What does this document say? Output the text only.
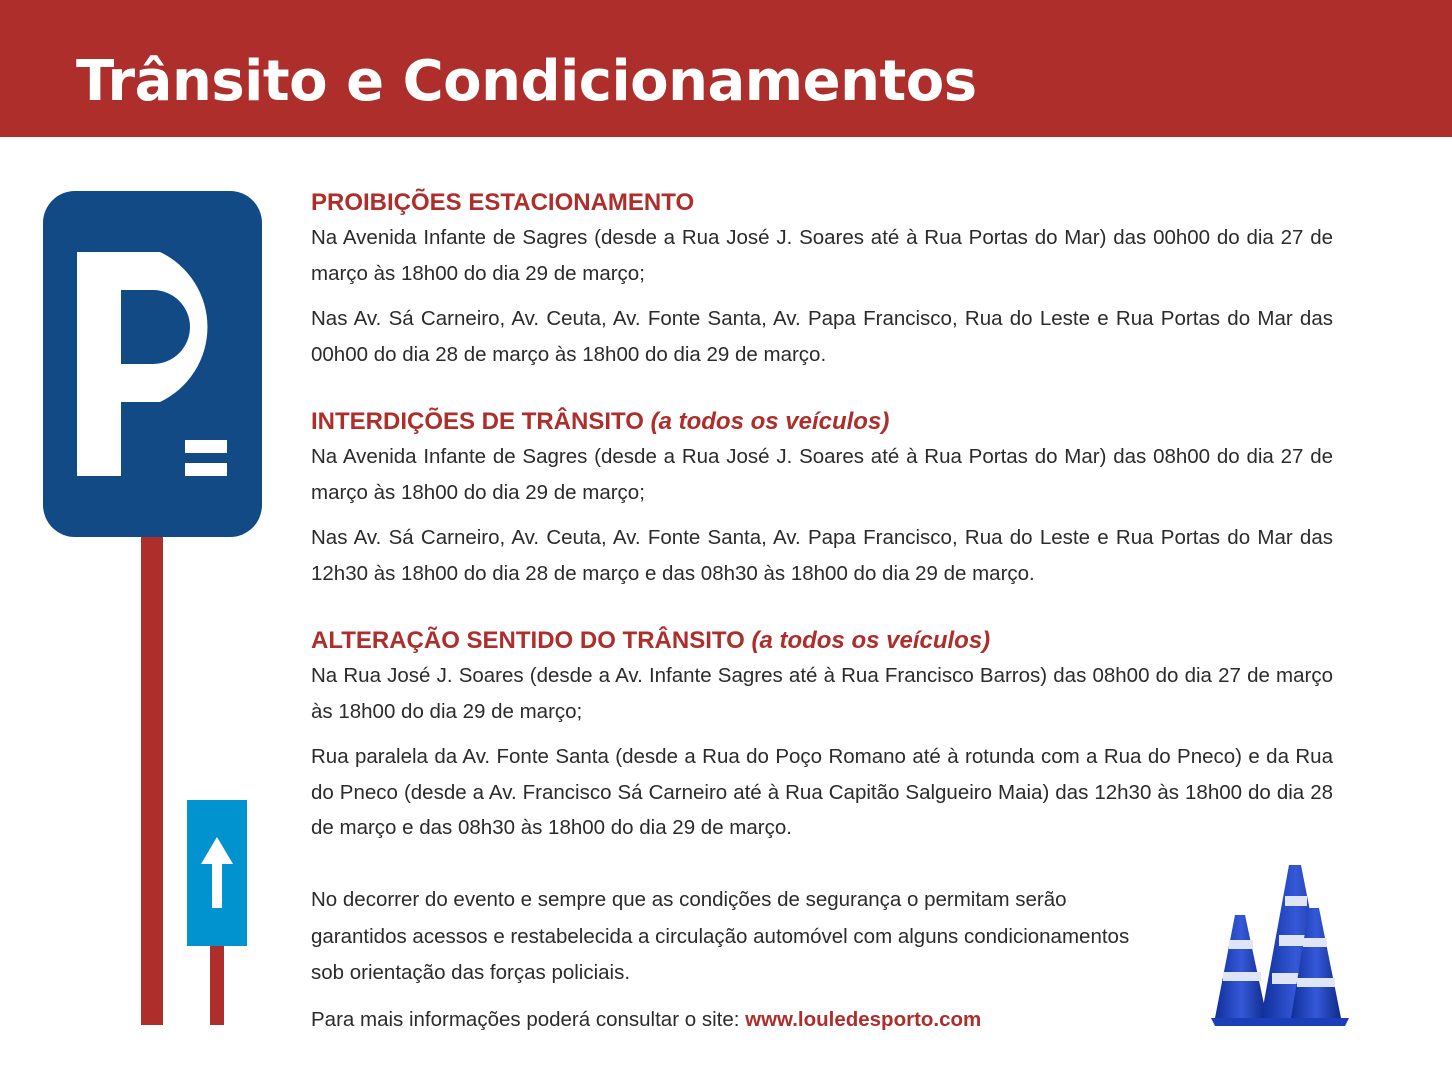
Trânsito e Condicionamentos

PROIBIÇÕES ESTACIONAMENTO

Na Avenida Infante de Sagres (desde a Rua José J. Soares até à Rua Portas do Mar) das 00h00 do dia 27 de março às 18h00 do dia 29 de março;

Nas Av. Sá Carneiro, Av. Ceuta, Av. Fonte Santa, Av. Papa Francisco, Rua do Leste e Rua Portas do Mar das 00h00 do dia 28 de março às 18h00 do dia 29 de março.

INTERDIÇÕES DE TRÂNSITO (a todos os veículos)

Na Avenida Infante de Sagres (desde a Rua José J. Soares até à Rua Portas do Mar) das 08h00 do dia 27 de março às 18h00 do dia 29 de março;

Nas Av. Sá Carneiro, Av. Ceuta, Av. Fonte Santa, Av. Papa Francisco, Rua do Leste e Rua Portas do Mar das 12h30 às 18h00 do dia 28 de março e das 08h30 às 18h00 do dia 29 de março.

ALTERAÇÃO SENTIDO DO TRÂNSITO (a todos os veículos)

Na Rua José J. Soares (desde a Av. Infante Sagres até à Rua Francisco Barros) das 08h00 do dia 27 de março às 18h00 do dia 29 de março;

Rua paralela da Av. Fonte Santa (desde a Rua do Poço Romano até à rotunda com a Rua do Pneco) e da Rua do Pneco (desde a Av. Francisco Sá Carneiro até à Rua Capitão Salgueiro Maia) das 12h30 às 18h00 do dia 28 de março e das 08h30 às 18h00 do dia 29 de março.

No decorrer do evento e sempre que as condições de segurança o permitam serão garantidos acessos e restabelecida a circulação automóvel com alguns condicionamentos sob orientação das forças policiais.

Para mais informações poderá consultar o site: www.louledesporto.com
